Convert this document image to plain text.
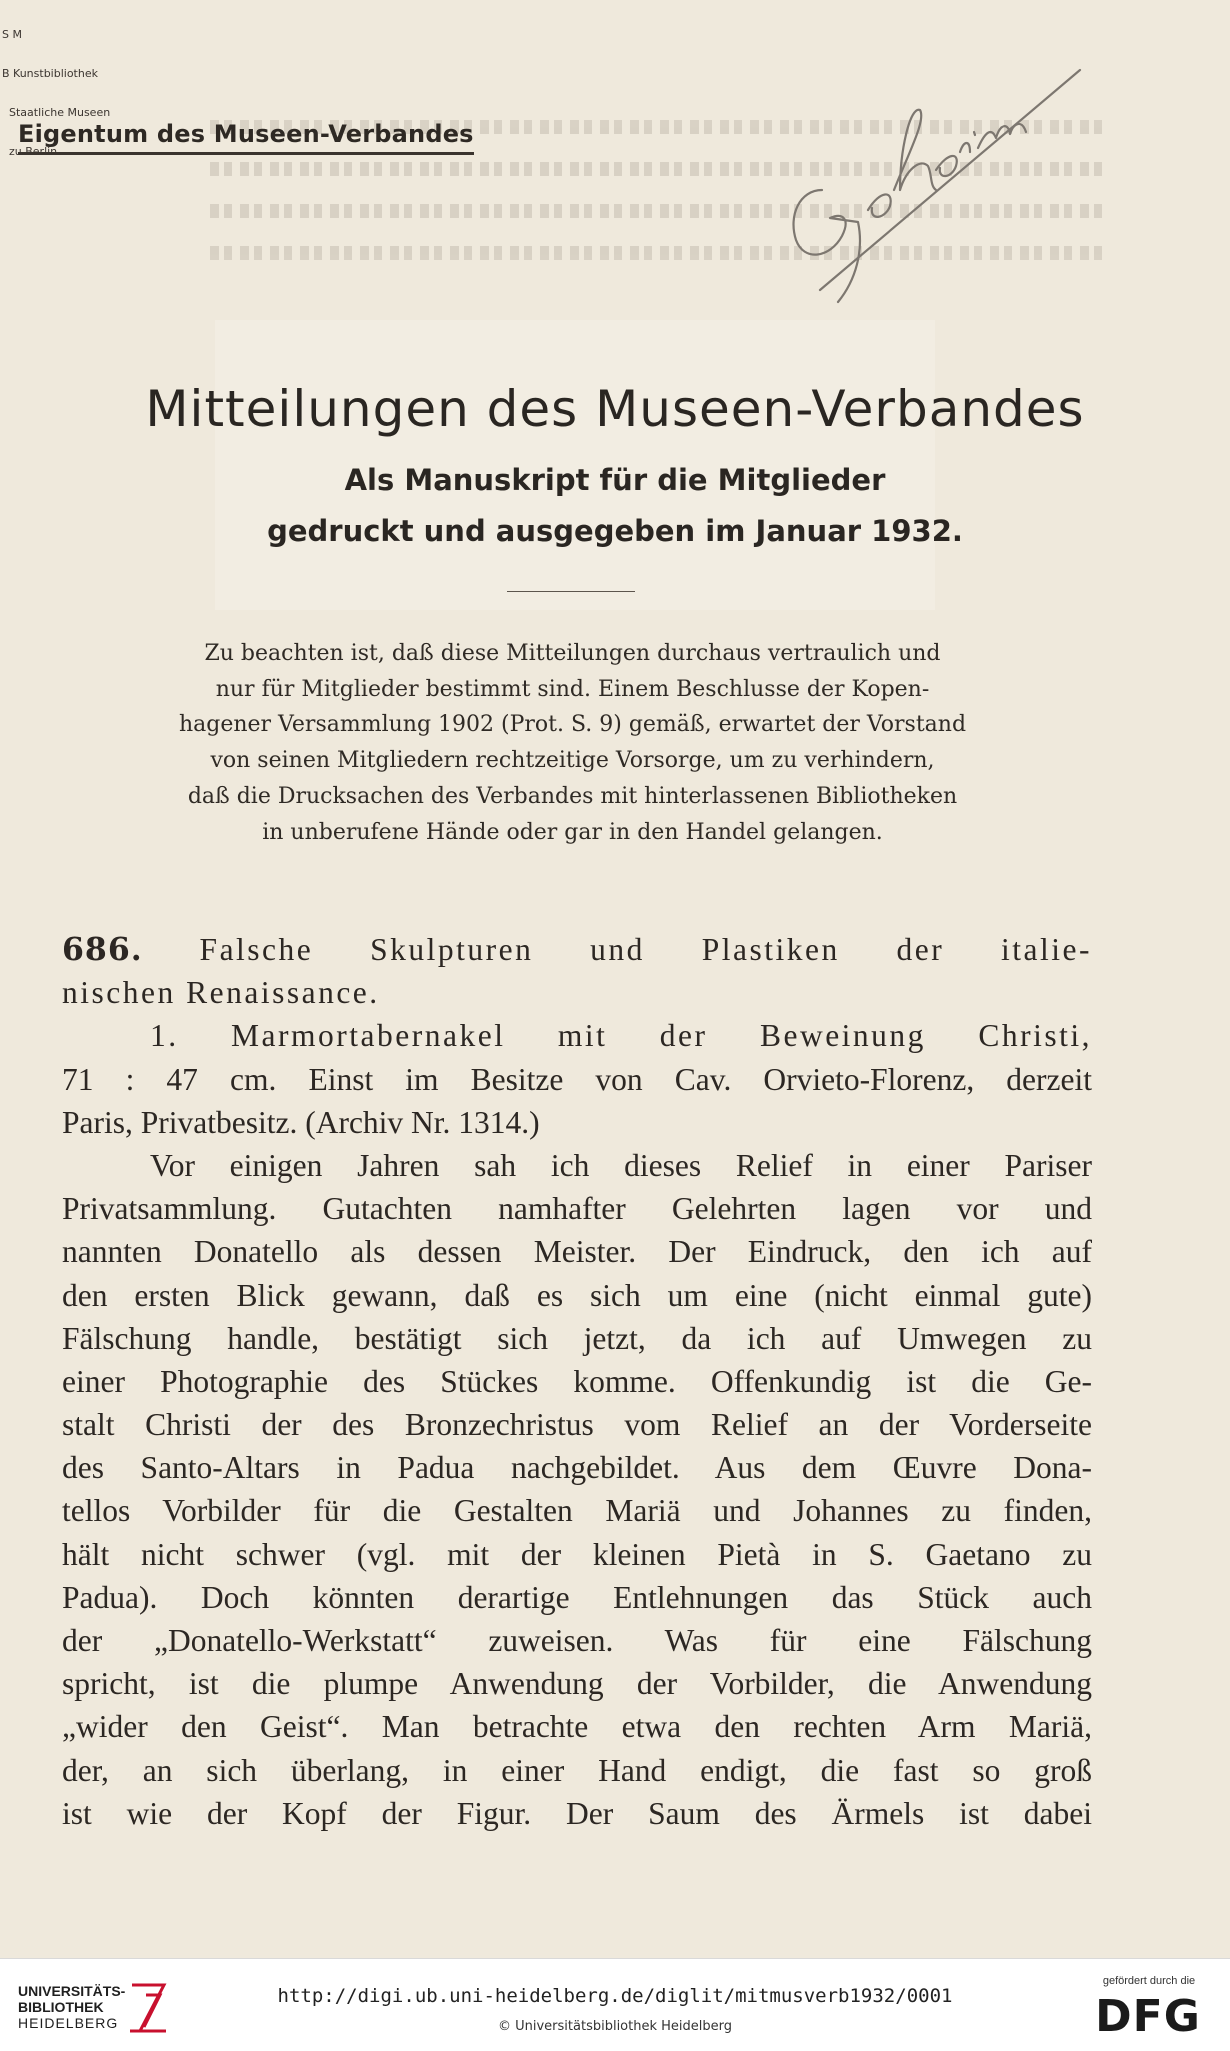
S M

B Kunstbibliothek

Staatliche Museen

zu Berlin

Eigentum des Museen-Verbandes
Mitteilungen des Museen-Verbandes
Als Manuskript für die Mitglieder
gedruckt und ausgegeben im Januar 1932.
Zu beachten ist, daß diese Mitteilungen durchaus vertraulich und
nur für Mitglieder bestimmt sind. Einem Beschlusse der Kopen-
hagener Versammlung 1902 (Prot. S. 9) gemäß, erwartet der Vorstand
von seinen Mitgliedern rechtzeitige Vorsorge, um zu verhindern,
daß die Drucksachen des Verbandes mit hinterlassenen Bibliotheken
in unberufene Hände oder gar in den Handel gelangen.
686. Falsche Skulpturen und Plastiken der italie-
nischen Renaissance.
1. Marmortabernakel mit der Beweinung Christi,
71 : 47 cm. Einst im Besitze von Cav. Orvieto-Florenz, derzeit
Paris, Privatbesitz. (Archiv Nr. 1314.)
Vor einigen Jahren sah ich dieses Relief in einer Pariser
Privatsammlung. Gutachten namhafter Gelehrten lagen vor und
nannten Donatello als dessen Meister. Der Eindruck, den ich auf
den ersten Blick gewann, daß es sich um eine (nicht einmal gute)
Fälschung handle, bestätigt sich jetzt, da ich auf Umwegen zu
einer Photographie des Stückes komme. Offenkundig ist die Ge-
stalt Christi der des Bronzechristus vom Relief an der Vorderseite
des Santo-Altars in Padua nachgebildet. Aus dem Œuvre Dona-
tellos Vorbilder für die Gestalten Mariä und Johannes zu finden,
hält nicht schwer (vgl. mit der kleinen Pietà in S. Gaetano zu
Padua). Doch könnten derartige Entlehnungen das Stück auch
der „Donatello-Werkstatt“ zuweisen. Was für eine Fälschung
spricht, ist die plumpe Anwendung der Vorbilder, die Anwendung
„wider den Geist“. Man betrachte etwa den rechten Arm Mariä,
der, an sich überlang, in einer Hand endigt, die fast so groß
ist wie der Kopf der Figur. Der Saum des Ärmels ist dabei
UNIVERSITÄTS-
BIBLIOTHEK
HEIDELBERG
http://digi.ub.uni-heidelberg.de/diglit/mitmusverb1932/0001
© Universitätsbibliothek Heidelberg
gefördert durch die
DFG
